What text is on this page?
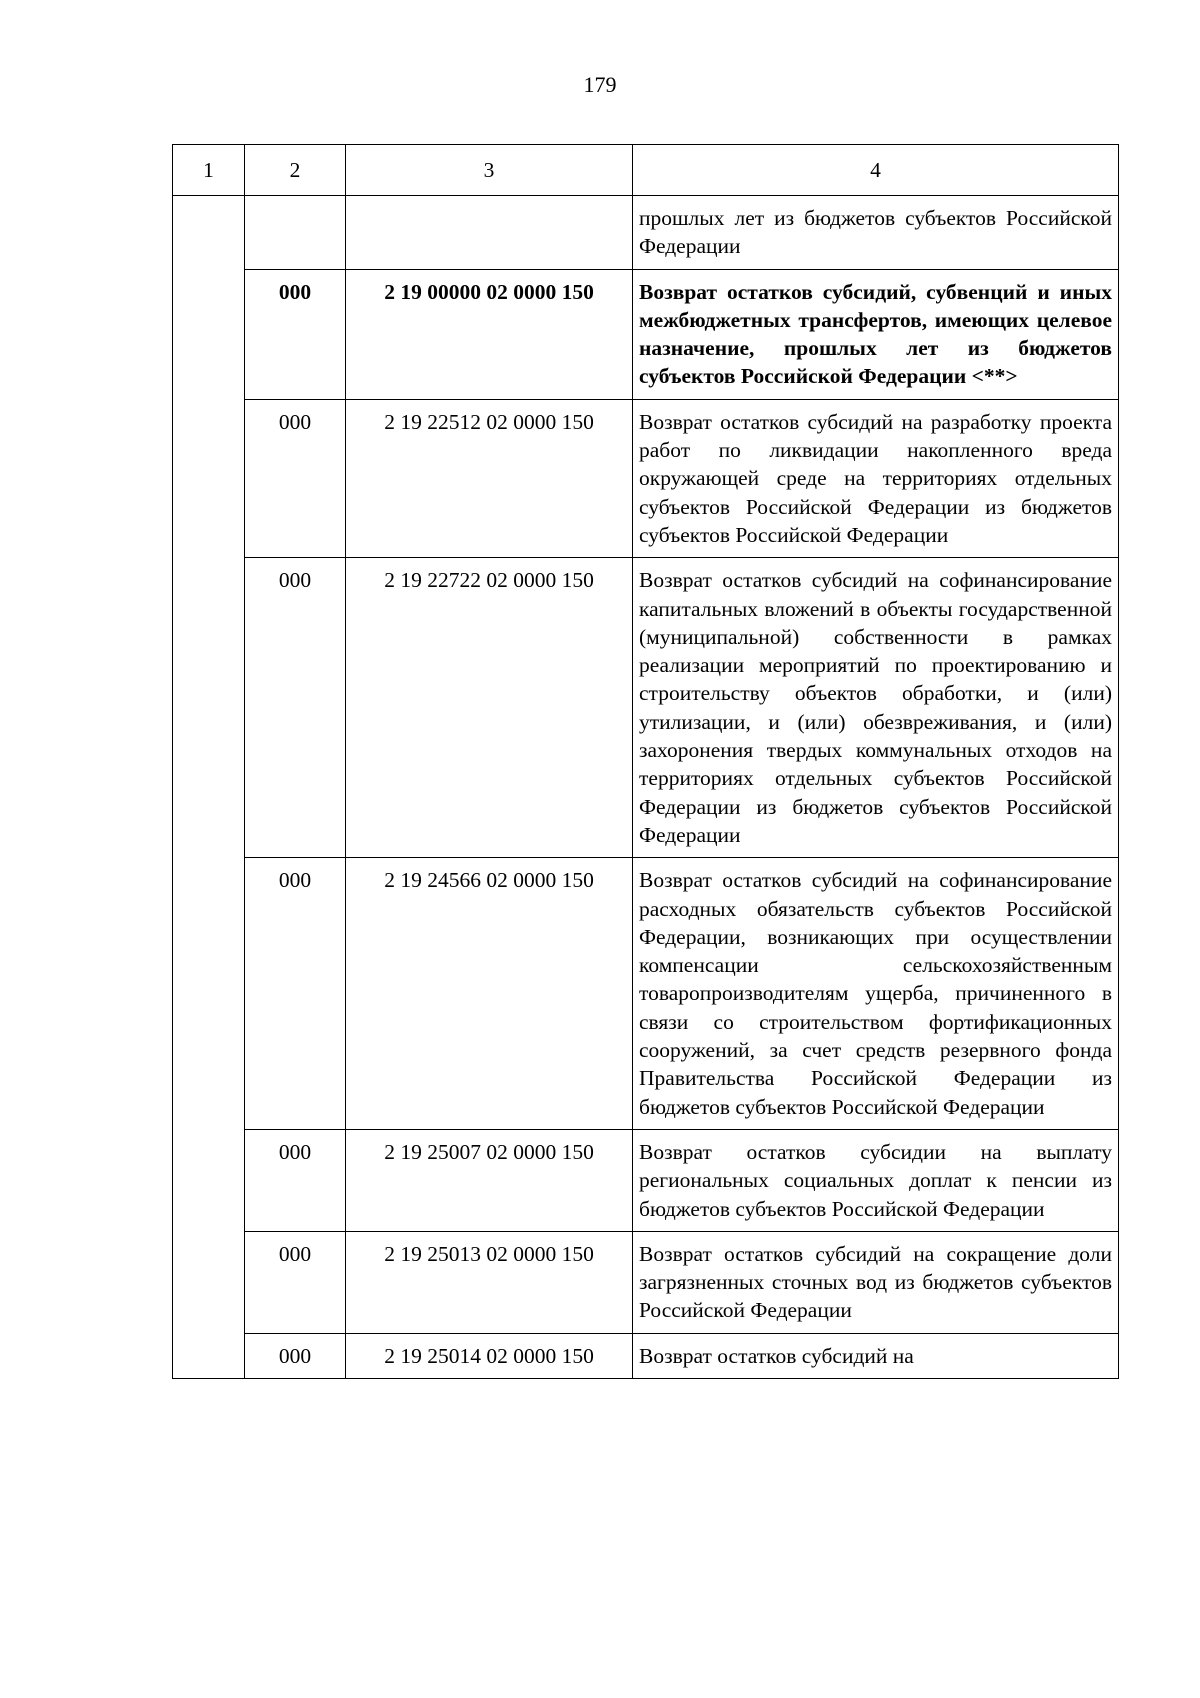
179
1	2	3	4
			прошлых лет из бюджетов субъектов Российской Федерации
	000	2 19 00000 02 0000 150	Возврат остатков субсидий, субвенций и иных межбюджетных трансфертов, имеющих целевое назначение, прошлых лет из бюджетов субъектов Российской Федерации <**>
	000	2 19 22512 02 0000 150	Возврат остатков субсидий на разработку проекта работ по ликвидации накопленного вреда окружающей среде на территориях отдельных субъектов Российской Федерации из бюджетов субъектов Российской Федерации
	000	2 19 22722 02 0000 150	Возврат остатков субсидий на софинансирование капитальных вложений в объекты государственной (муниципальной) собственности в рамках реализации мероприятий по проектированию и строительству объектов обработки, и (или) утилизации, и (или) обезвреживания, и (или) захоронения твердых коммунальных отходов на территориях отдельных субъектов Российской Федерации из бюджетов субъектов Российской Федерации
	000	2 19 24566 02 0000 150	Возврат остатков субсидий на софинансирование расходных обязательств субъектов Российской Федерации, возникающих при осуществлении компенсации сельскохозяйственным товаропроизводителям ущерба, причиненного в связи со строительством фортификационных сооружений, за счет средств резервного фонда Правительства Российской Федерации из бюджетов субъектов Российской Федерации
	000	2 19 25007 02 0000 150	Возврат остатков субсидии на выплату региональных социальных доплат к пенсии из бюджетов субъектов Российской Федерации
	000	2 19 25013 02 0000 150	Возврат остатков субсидий на сокращение доли загрязненных сточных вод из бюджетов субъектов Российской Федерации
	000	2 19 25014 02 0000 150	Возврат остатков субсидий на
